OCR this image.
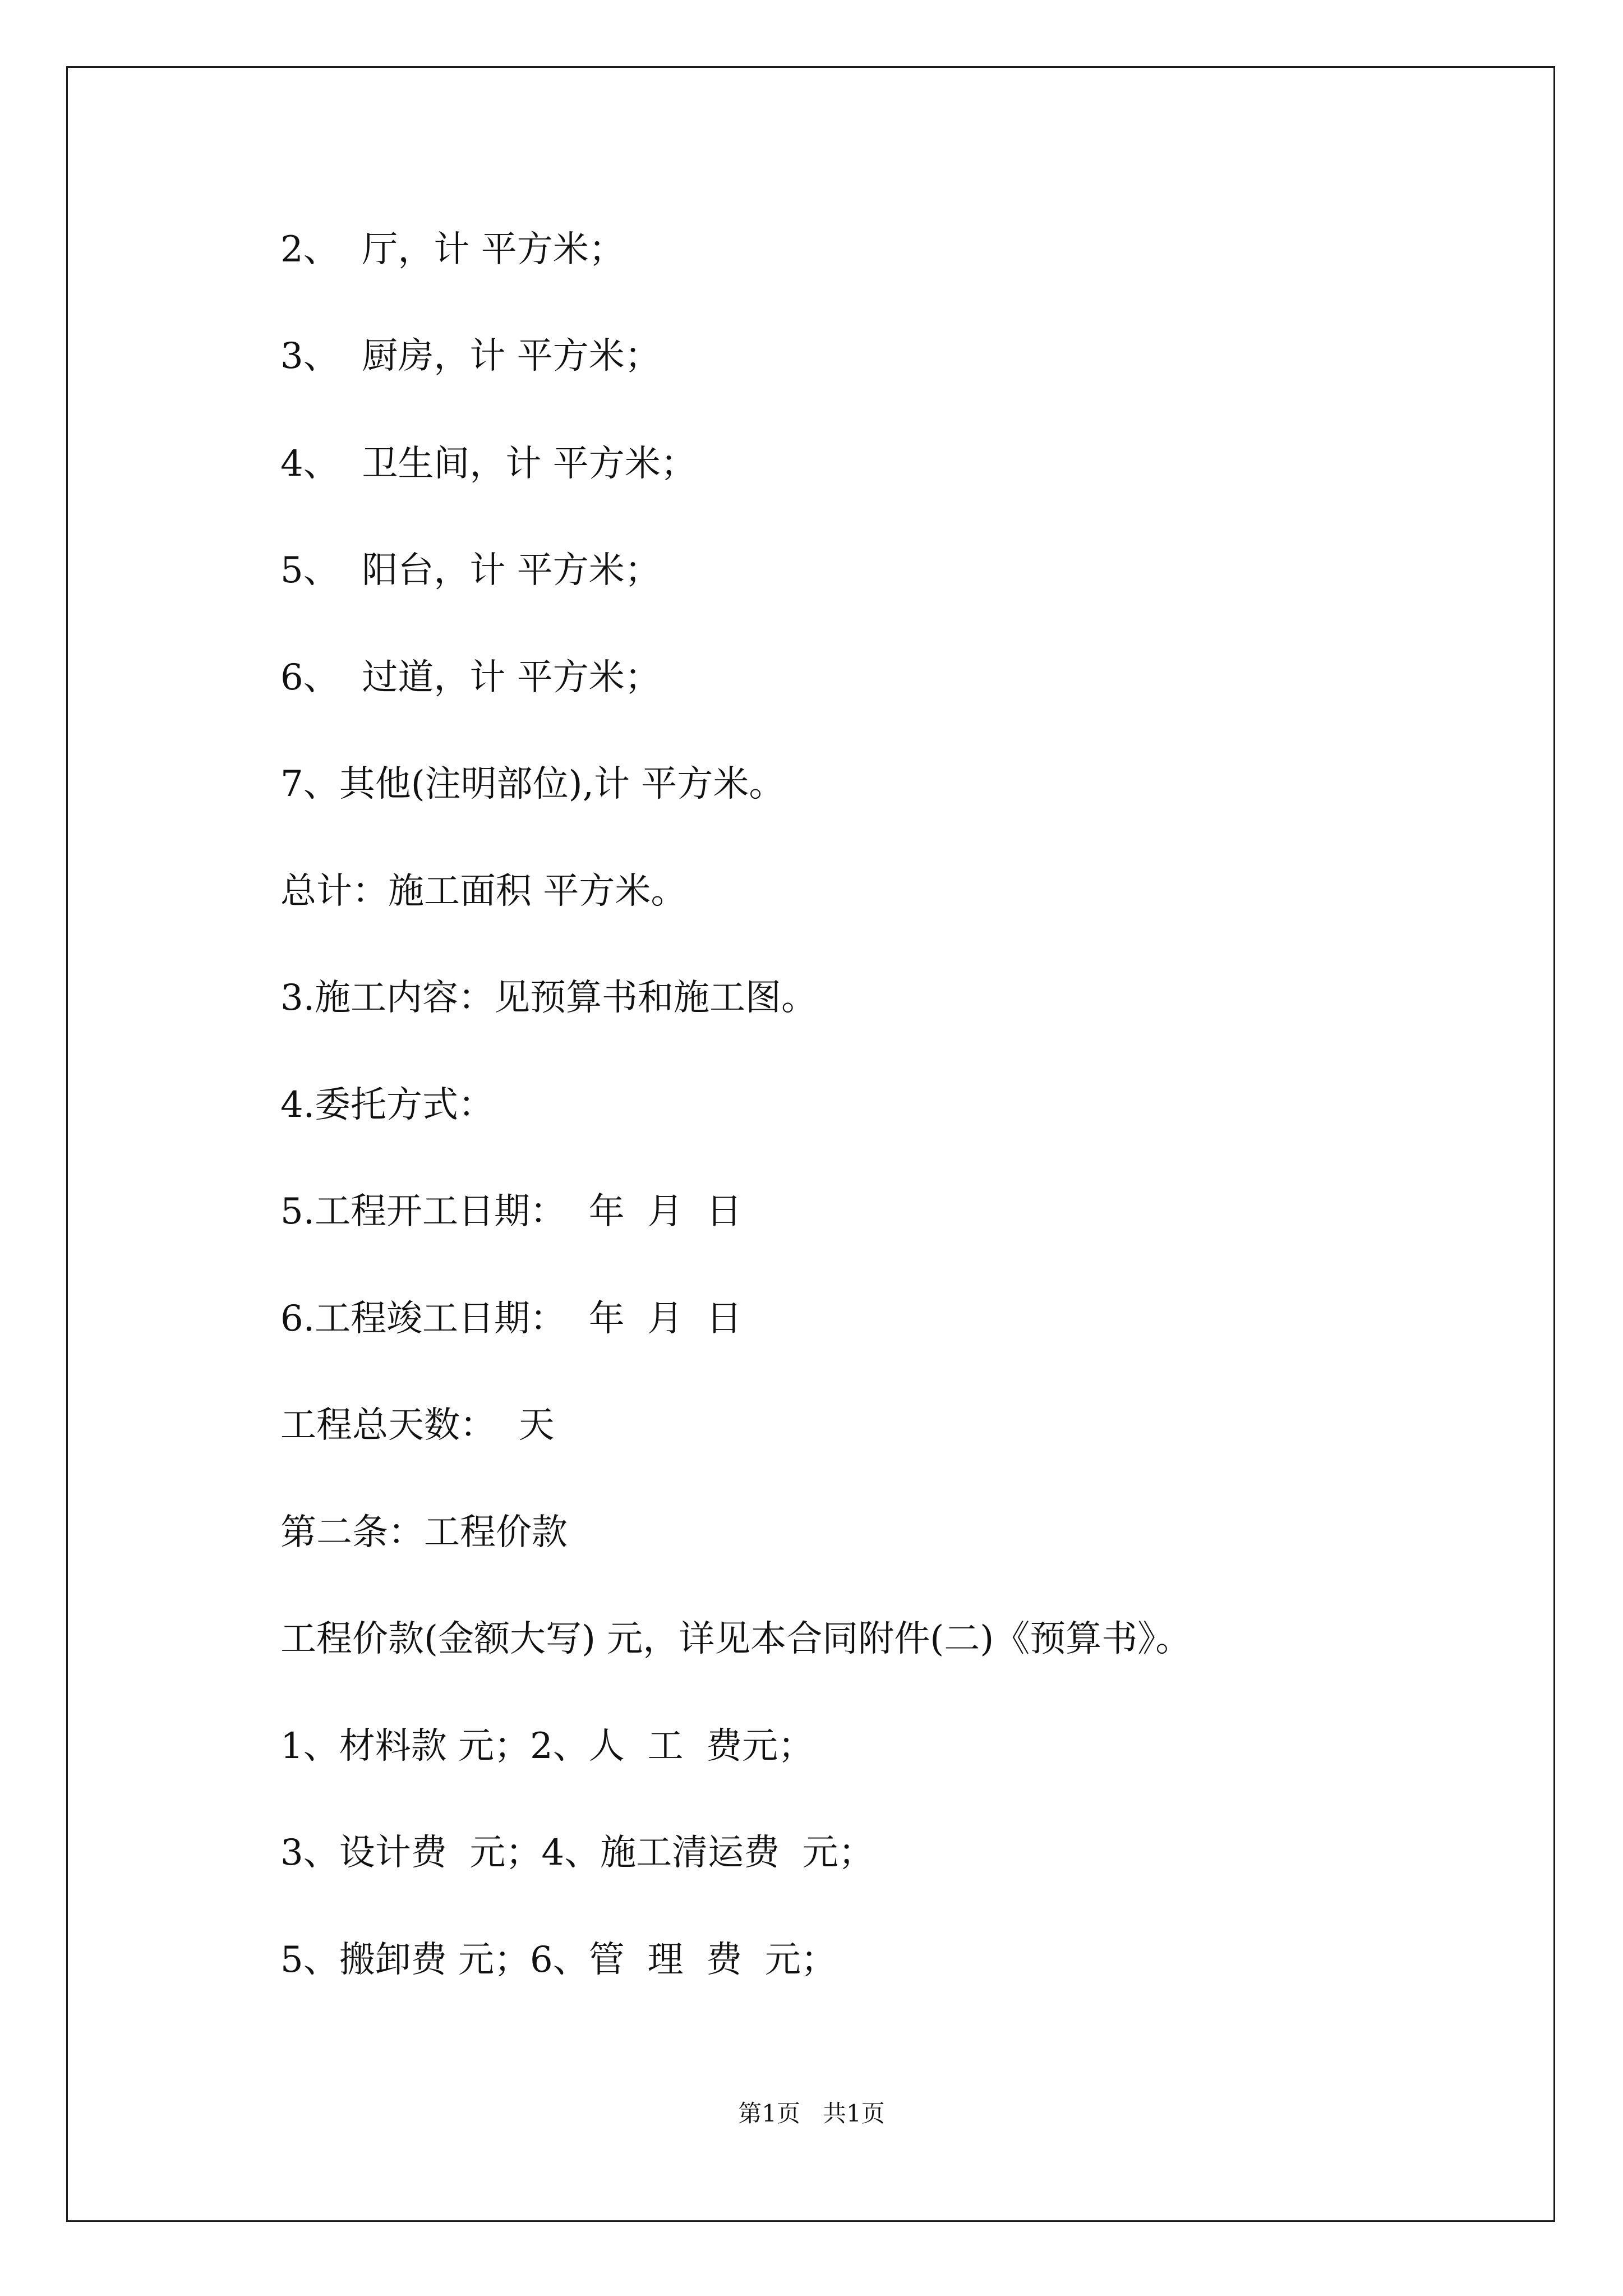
2、  厅，计 平方米；

3、  厨房，计 平方米；

4、  卫生间，计 平方米；

5、  阳台，计 平方米；

6、  过道，计 平方米；

7、其他(注明部位),计 平方米。

总计：施工面积 平方米。

3.施工内容：见预算书和施工图。

4.委托方式：

5.工程开工日期：  年  月  日

6.工程竣工日期：  年  月  日

工程总天数：  天

第二条：工程价款

工程价款(金额大写) 元，详见本合同附件(二)《预算书》。

1、材料款 元；2、人  工  费元；

3、设计费  元；4、施工清运费  元；

5、搬卸费 元；6、管  理  费  元；

第1页   共1页
